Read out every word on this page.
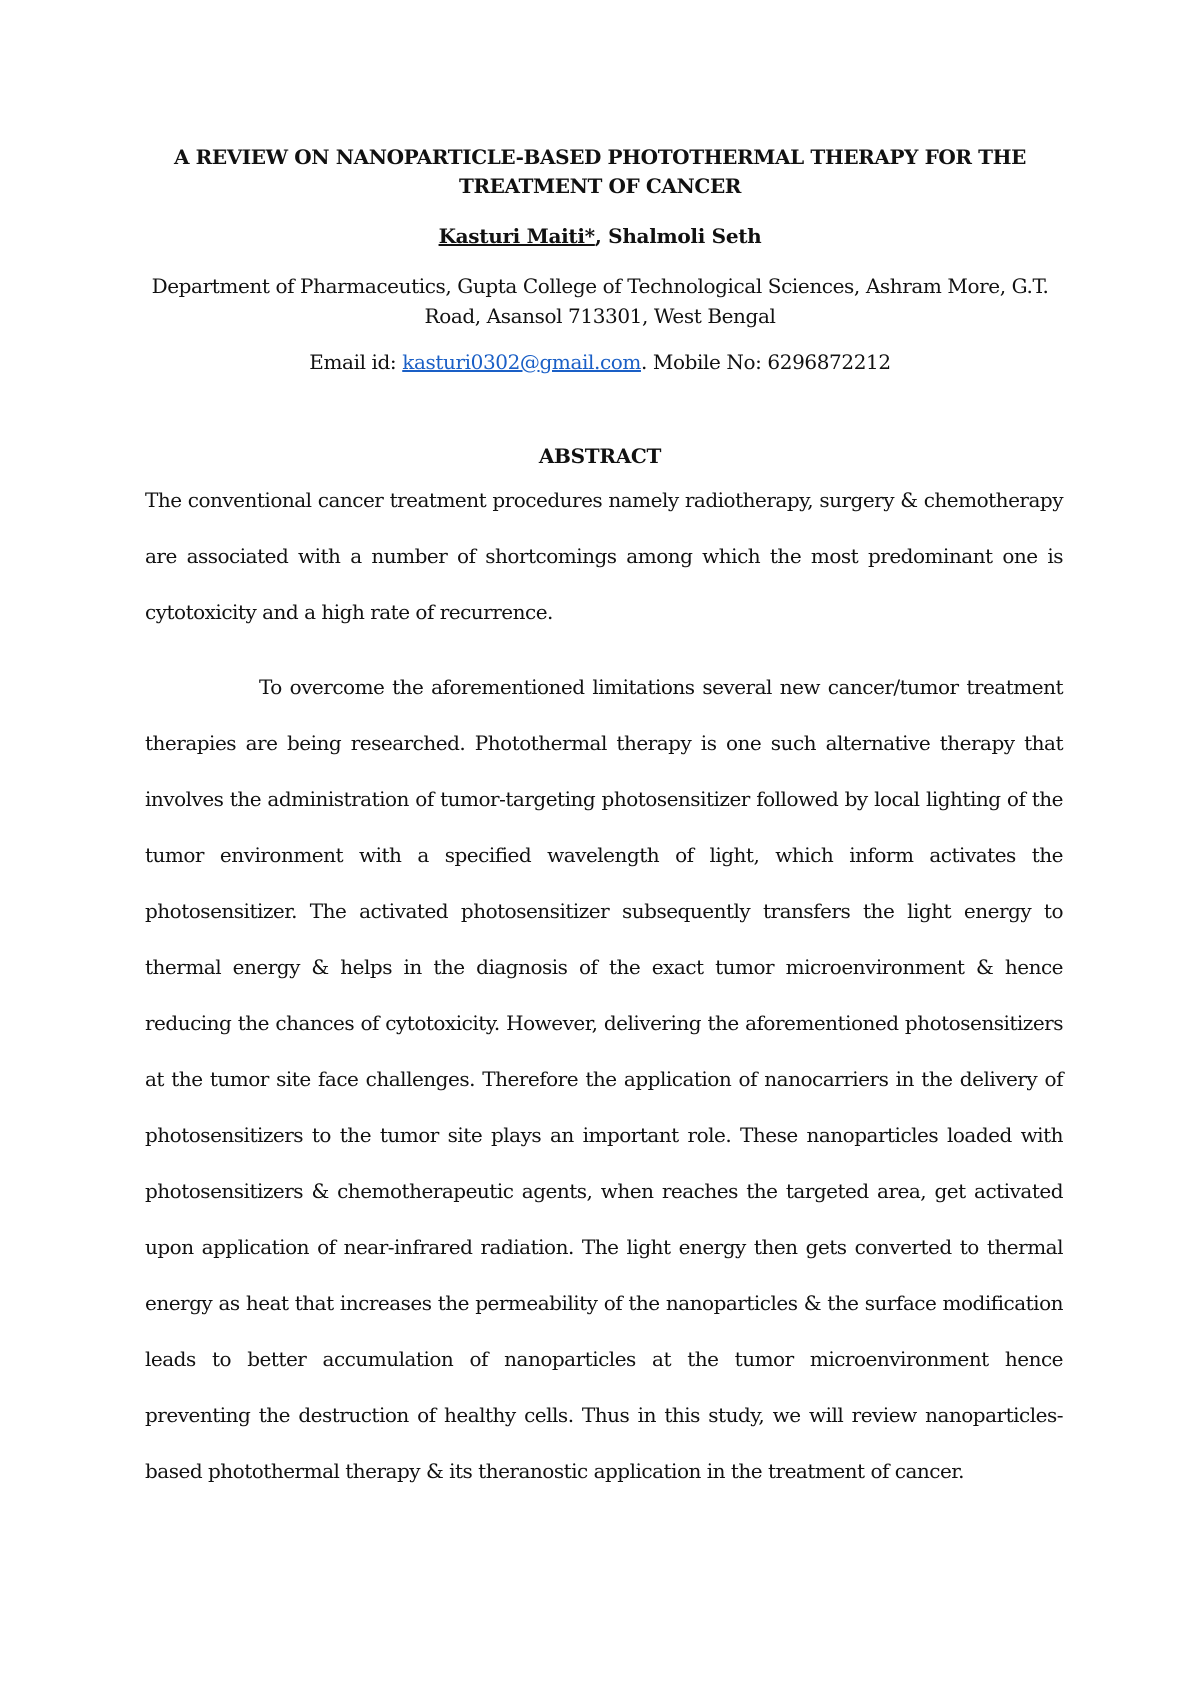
A REVIEW ON NANOPARTICLE-BASED PHOTOTHERMAL THERAPY FOR THE TREATMENT OF CANCER
Kasturi Maiti*, Shalmoli Seth
Department of Pharmaceutics, Gupta College of Technological Sciences, Ashram More, G.T. Road, Asansol 713301, West Bengal
Email id: kasturi0302@gmail.com. Mobile No: 6296872212
ABSTRACT
The conventional cancer treatment procedures namely radiotherapy, surgery & chemotherapy are associated with a number of shortcomings among which the most predominant one is cytotoxicity and a high rate of recurrence.
To overcome the aforementioned limitations several new cancer/tumor treatment therapies are being researched. Photothermal therapy is one such alternative therapy that involves the administration of tumor-targeting photosensitizer followed by local lighting of the tumor environment with a specified wavelength of light, which inform activates the photosensitizer. The activated photosensitizer subsequently transfers the light energy to thermal energy & helps in the diagnosis of the exact tumor microenvironment & hence reducing the chances of cytotoxicity. However, delivering the aforementioned photosensitizers at the tumor site face challenges. Therefore the application of nanocarriers in the delivery of photosensitizers to the tumor site plays an important role. These nanoparticles loaded with photosensitizers & chemotherapeutic agents, when reaches the targeted area, get activated upon application of near-infrared radiation. The light energy then gets converted to thermal energy as heat that increases the permeability of the nanoparticles & the surface modification leads to better accumulation of nanoparticles at the tumor microenvironment hence preventing the destruction of healthy cells. Thus in this study, we will review nanoparticles-based photothermal therapy & its theranostic application in the treatment of cancer.
